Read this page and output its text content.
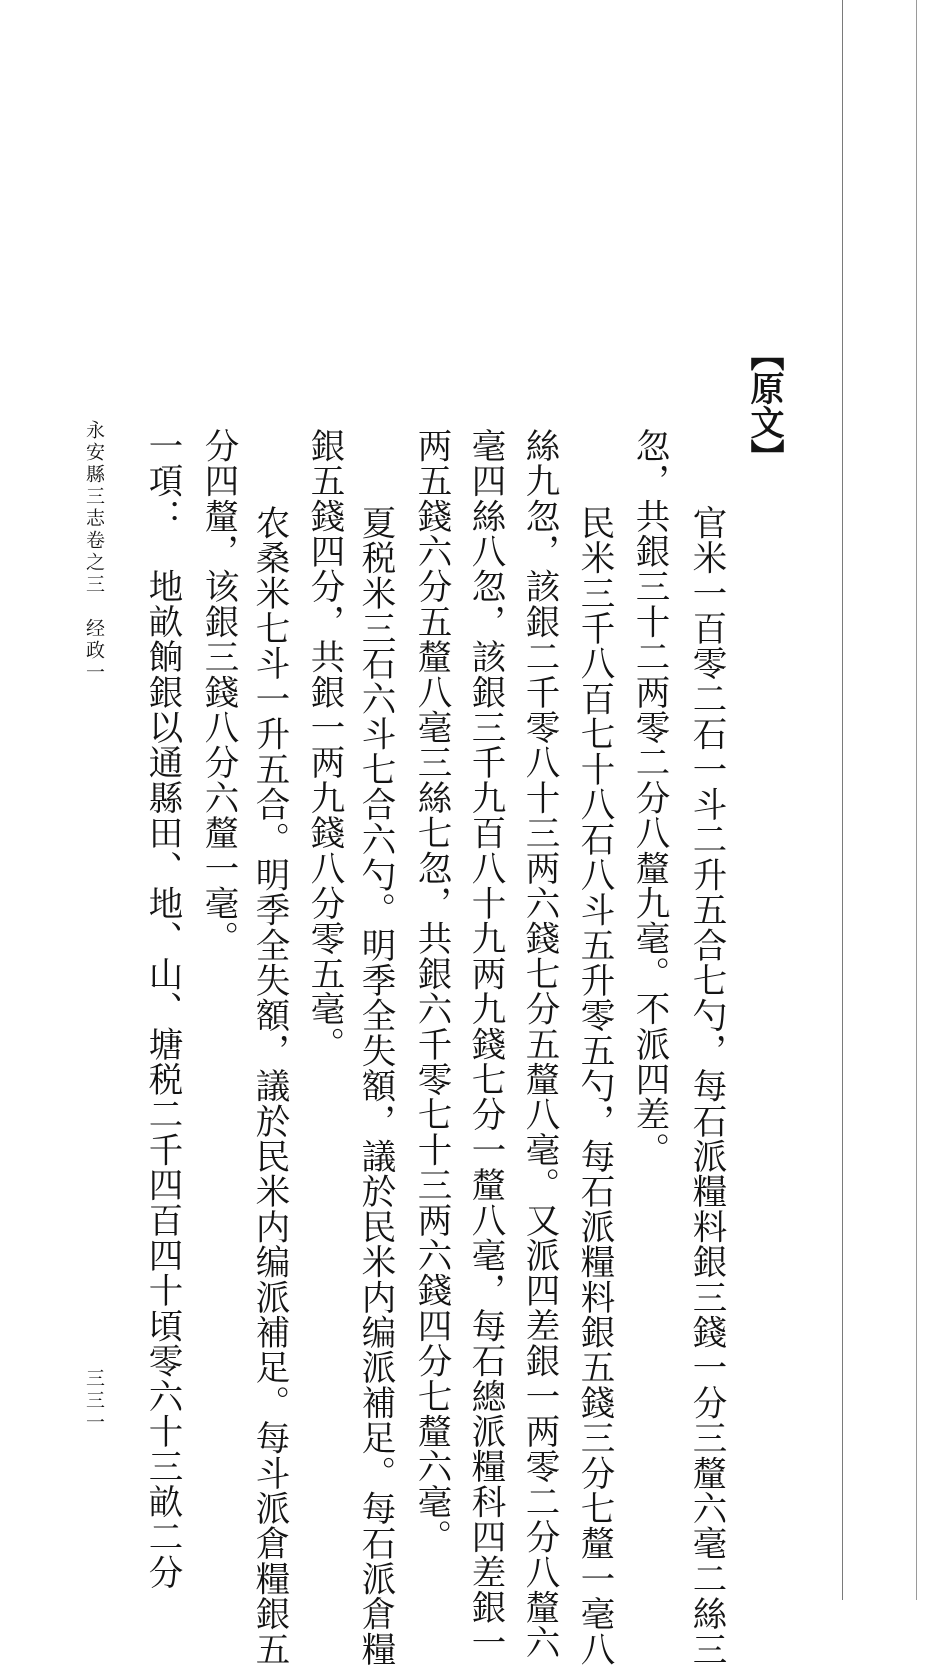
【原文】
官米一百零二石一斗二升五合七勺，每石派糧料銀三錢一分三釐六毫二絲三
忽，共銀三十二两零二分八釐九毫。不派四差。
民米三千八百七十八石八斗五升零五勺，每石派糧料銀五錢三分七釐一毫八
絲九忽，該銀二千零八十三两六錢七分五釐八毫。又派四差銀一两零二分八釐六
毫四絲八忽，該銀三千九百八十九两九錢七分一釐八毫，每石總派糧科四差銀一
两五錢六分五釐八毫三絲七忽，共銀六千零七十三两六錢四分七釐六毫。
夏税米三石六斗七合六勺。明季全失額，議於民米内编派補足。每石派倉糧
銀五錢四分，共銀一两九錢八分零五毫。
农桑米七斗一升五合。明季全失額，議於民米内编派補足。每斗派倉糧銀五
分四釐，该銀三錢八分六釐一毫。
一項：　地畝餉銀以通縣田、地、山、塘税二千四百四十頃零六十三畝二分
永安縣三志卷之三　经政一
三三一
